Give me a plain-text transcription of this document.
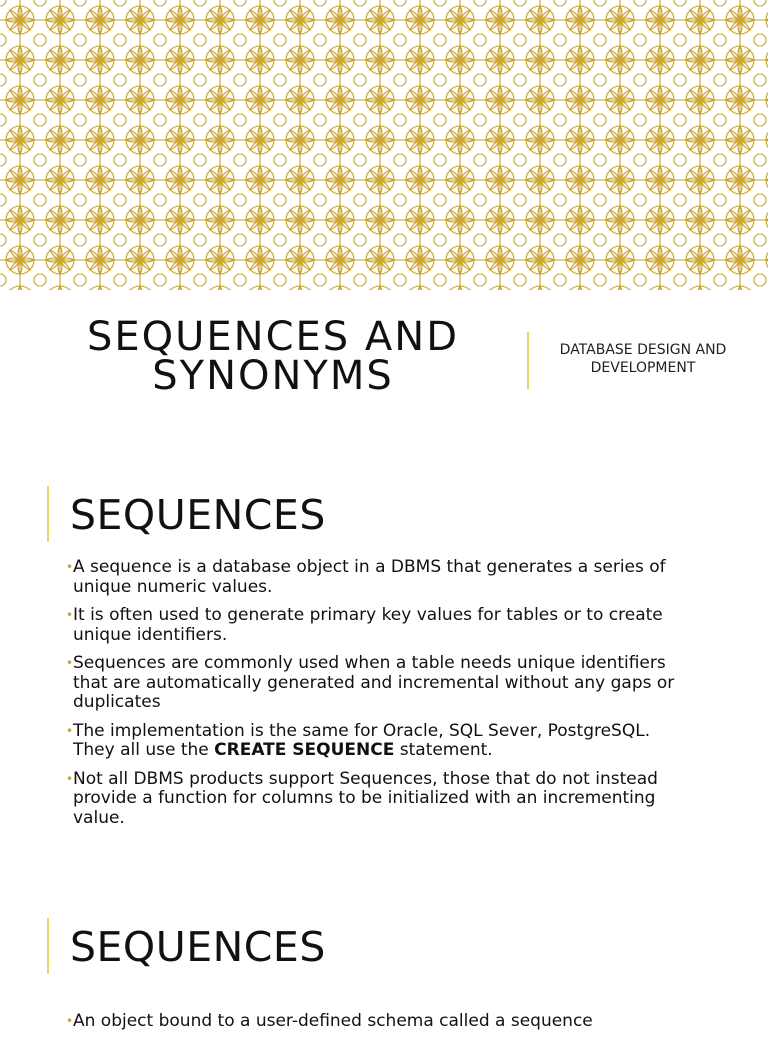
SEQUENCES AND
SYNONYMS
DATABASE DESIGN AND
DEVELOPMENT
SEQUENCES
• A sequence is a database object in a DBMS that generates a series of unique numeric values.
• It is often used to generate primary key values for tables or to create unique identifiers.
• Sequences are commonly used when a table needs unique identifiers that are automatically generated and incremental without any gaps or duplicates
• The implementation is the same for Oracle, SQL Sever, PostgreSQL. They all use the CREATE SEQUENCE statement.
• Not all DBMS products support Sequences, those that do not instead provide a function for columns to be initialized with an incrementing value.
SEQUENCES
• An object bound to a user-defined schema called a sequence
